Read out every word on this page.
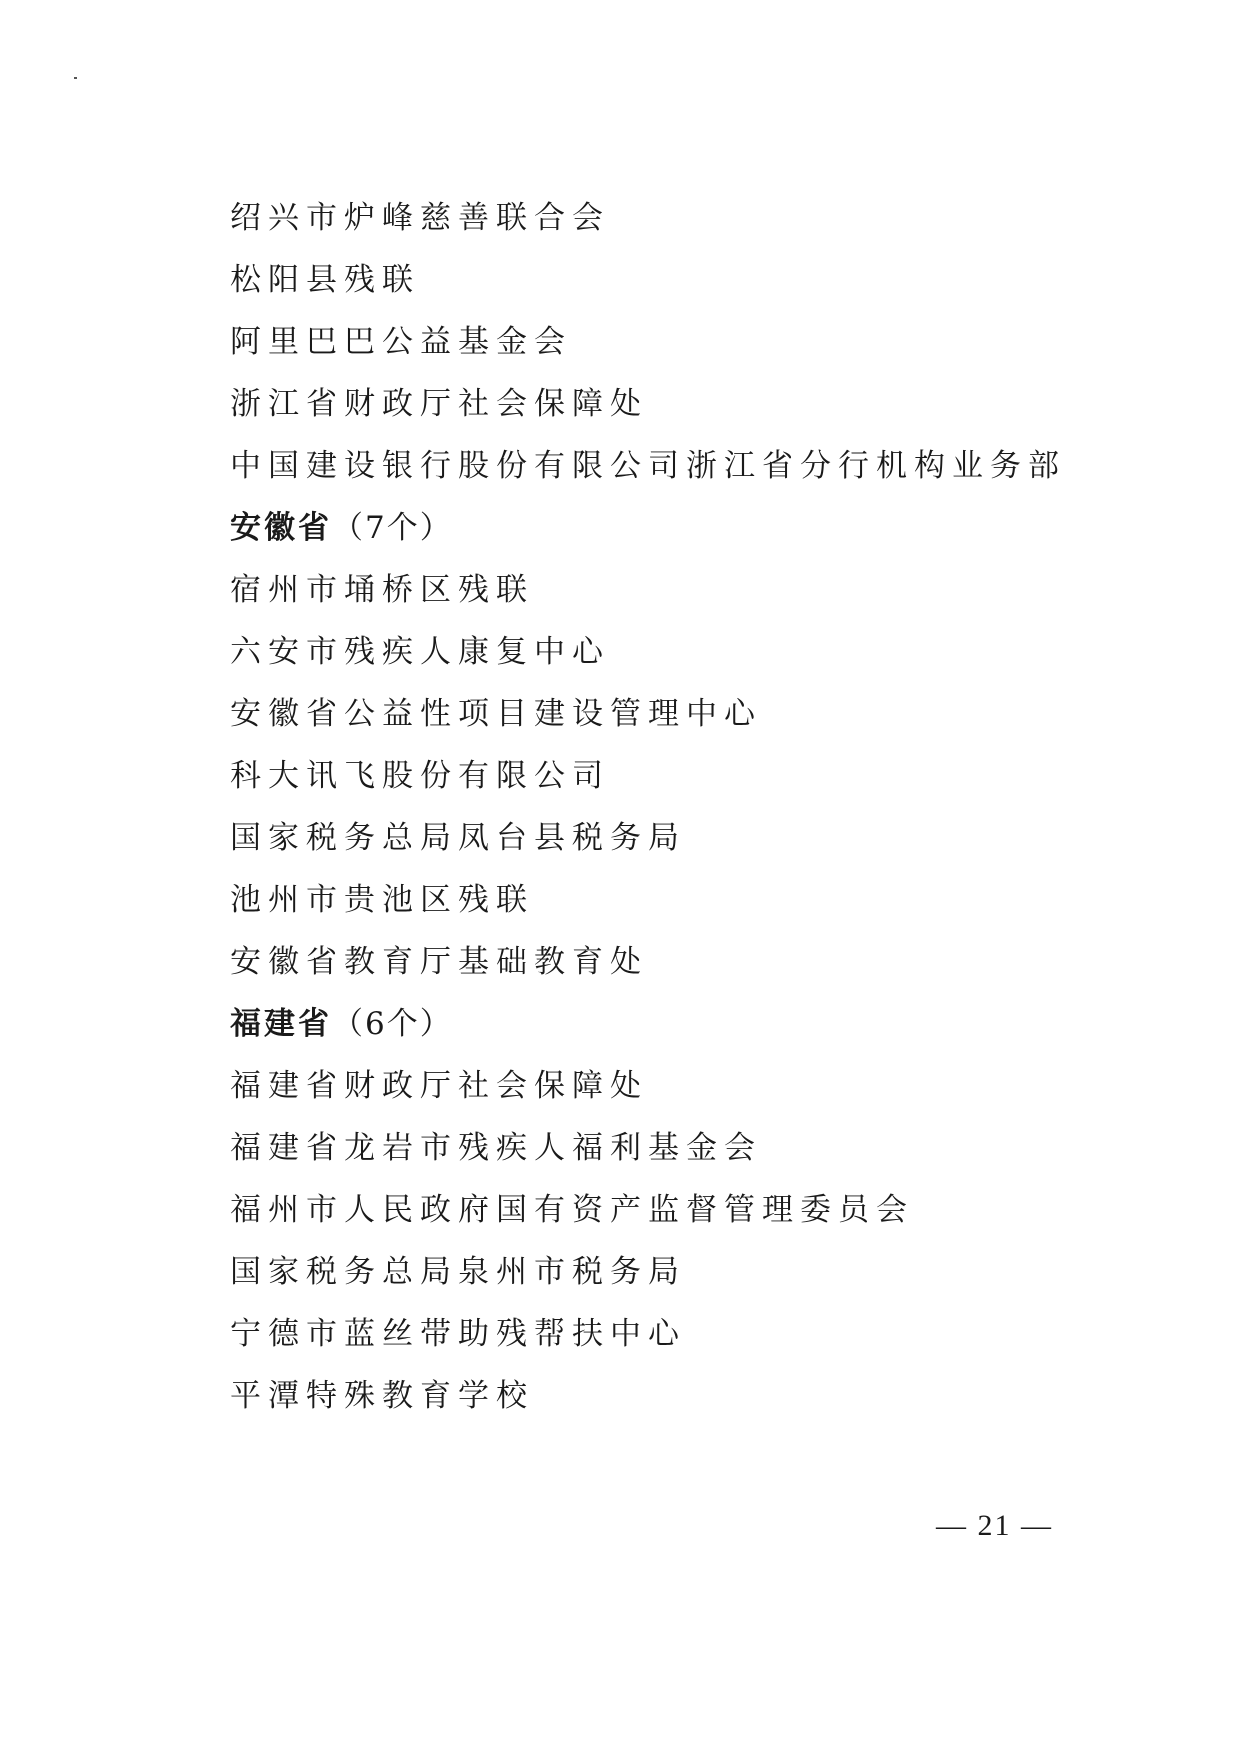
绍兴市炉峰慈善联合会
松阳县残联
阿里巴巴公益基金会
浙江省财政厅社会保障处
中国建设银行股份有限公司浙江省分行机构业务部
安徽省（7个）
宿州市埇桥区残联
六安市残疾人康复中心
安徽省公益性项目建设管理中心
科大讯飞股份有限公司
国家税务总局凤台县税务局
池州市贵池区残联
安徽省教育厅基础教育处
福建省（6个）
福建省财政厅社会保障处
福建省龙岩市残疾人福利基金会
福州市人民政府国有资产监督管理委员会
国家税务总局泉州市税务局
宁德市蓝丝带助残帮扶中心
平潭特殊教育学校
— 21 —
